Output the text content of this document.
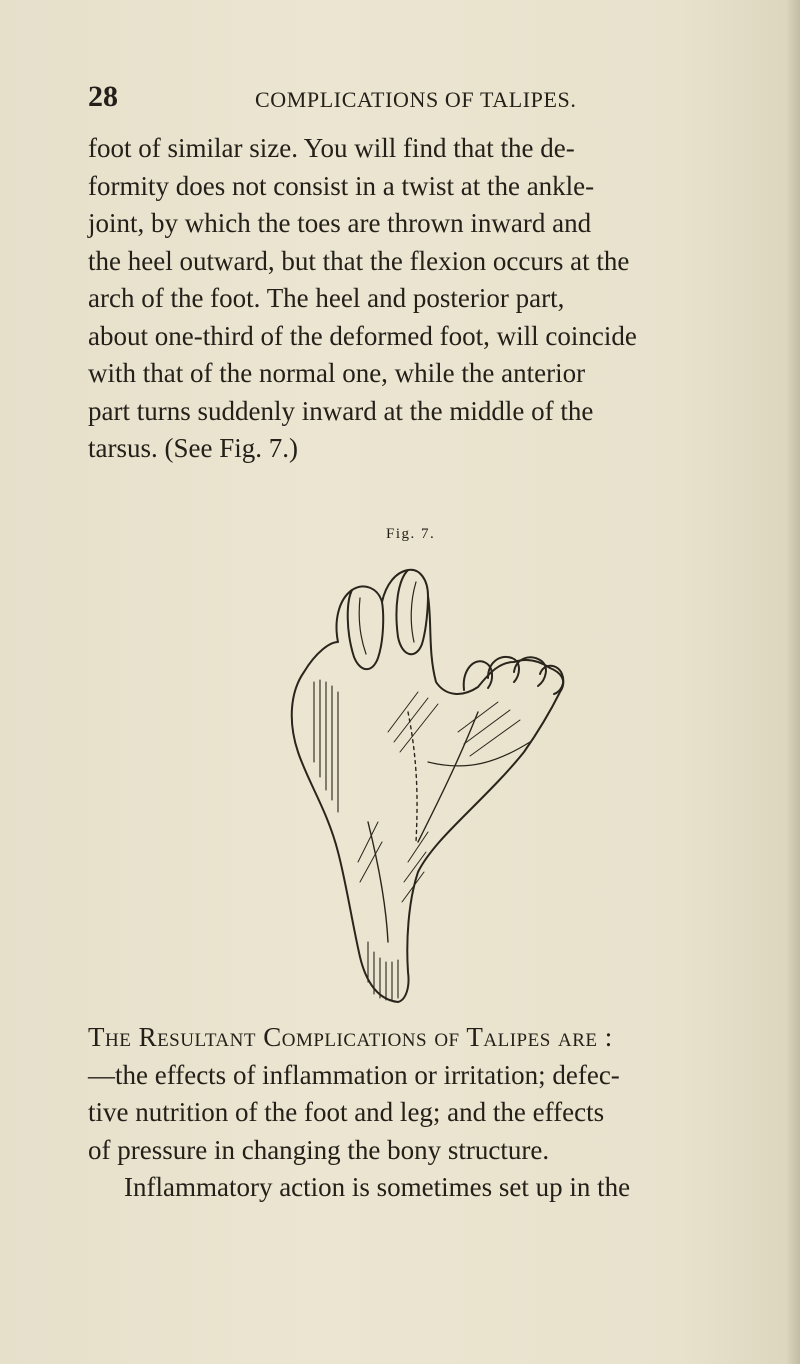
28	COMPLICATIONS OF TALIPES.

foot of similar size. You will find that the de-
formity does not consist in a twist at the ankle-
joint, by which the toes are thrown inward and
the heel outward, but that the flexion occurs at the
arch of the foot. The heel and posterior part,
about one-third of the deformed foot, will coincide
with that of the normal one, while the anterior
part turns suddenly inward at the middle of the
tarsus. (See Fig. 7.)

Fig. 7.
The Resultant Complications of Talipes are :
—the effects of inflammation or irritation; defec-
tive nutrition of the foot and leg; and the effects
of pressure in changing the bony structure.
Inflammatory action is sometimes set up in the
